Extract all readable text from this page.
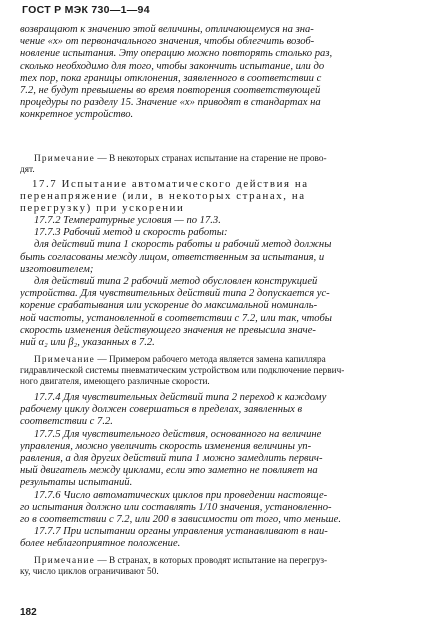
ГОСТ Р МЭК 730—1—94
возвращают к значению этой величины, отличающемуся на зна-
чение «x» от первоначального значения, чтобы облегчить возоб-
новление испытания. Эту операцию можно повторять столько раз,
сколько необходимо для того, чтобы закончить испытание, или до
тех пор, пока границы отклонения, заявленного в соответствии с
7.2, не будут превышены во время повторения соответствующей
процедуры по разделу 15. Значение «x» приводят в стандартах на
конкретное устройство.
Примечание — В некоторых странах испытание на старение не прово-
дят.
17.7 Испытание автоматического действия на
перенапряжение (или, в некоторых странах, на
перегрузку) при ускорении
17.7.2 Температурные условия — по 17.3.
17.7.3 Рабочий метод и скорость работы:
для действий типа 1 скорость работы и рабочий метод должны
быть согласованы между лицом, ответственным за испытания, и
изготовителем;
для действий типа 2 рабочий метод обусловлен конструкцией
устройства. Для чувствительных действий типа 2 допускается ус-
корение срабатывания или ускорение до максимальной номиналь-
ной частоты, установленной в соответствии с 7.2, или так, чтобы
скорость изменения действующего значения не превысила значе-
ний α₂ или β₂, указанных в 7.2.
Примечание — Примером рабочего метода является замена капилляра
гидравлической системы пневматическим устройством или подключение первич-
ного двигателя, имеющего различные скорости.
17.7.4 Для чувствительных действий типа 2 переход к каждому
рабочему циклу должен совершаться в пределах, заявленных в
соответствии с 7.2.
17.7.5 Для чувствительного действия, основанного на величине
управления, можно увеличить скорость изменения величины уп-
равления, а для других действий типа 1 можно замедлить первич-
ный двигатель между циклами, если это заметно не повлияет на
результаты испытаний.
17.7.6 Число автоматических циклов при проведении настояще-
го испытания должно или составлять 1/10 значения, установленно-
го в соответствии с 7.2, или 200 в зависимости от того, что меньше.
17.7.7 При испытании органы управления устанавливают в наи-
более неблагоприятное положение.
Примечание — В странах, в которых проводят испытание на перегруз-
ку, число циклов ограничивают 50.
182
